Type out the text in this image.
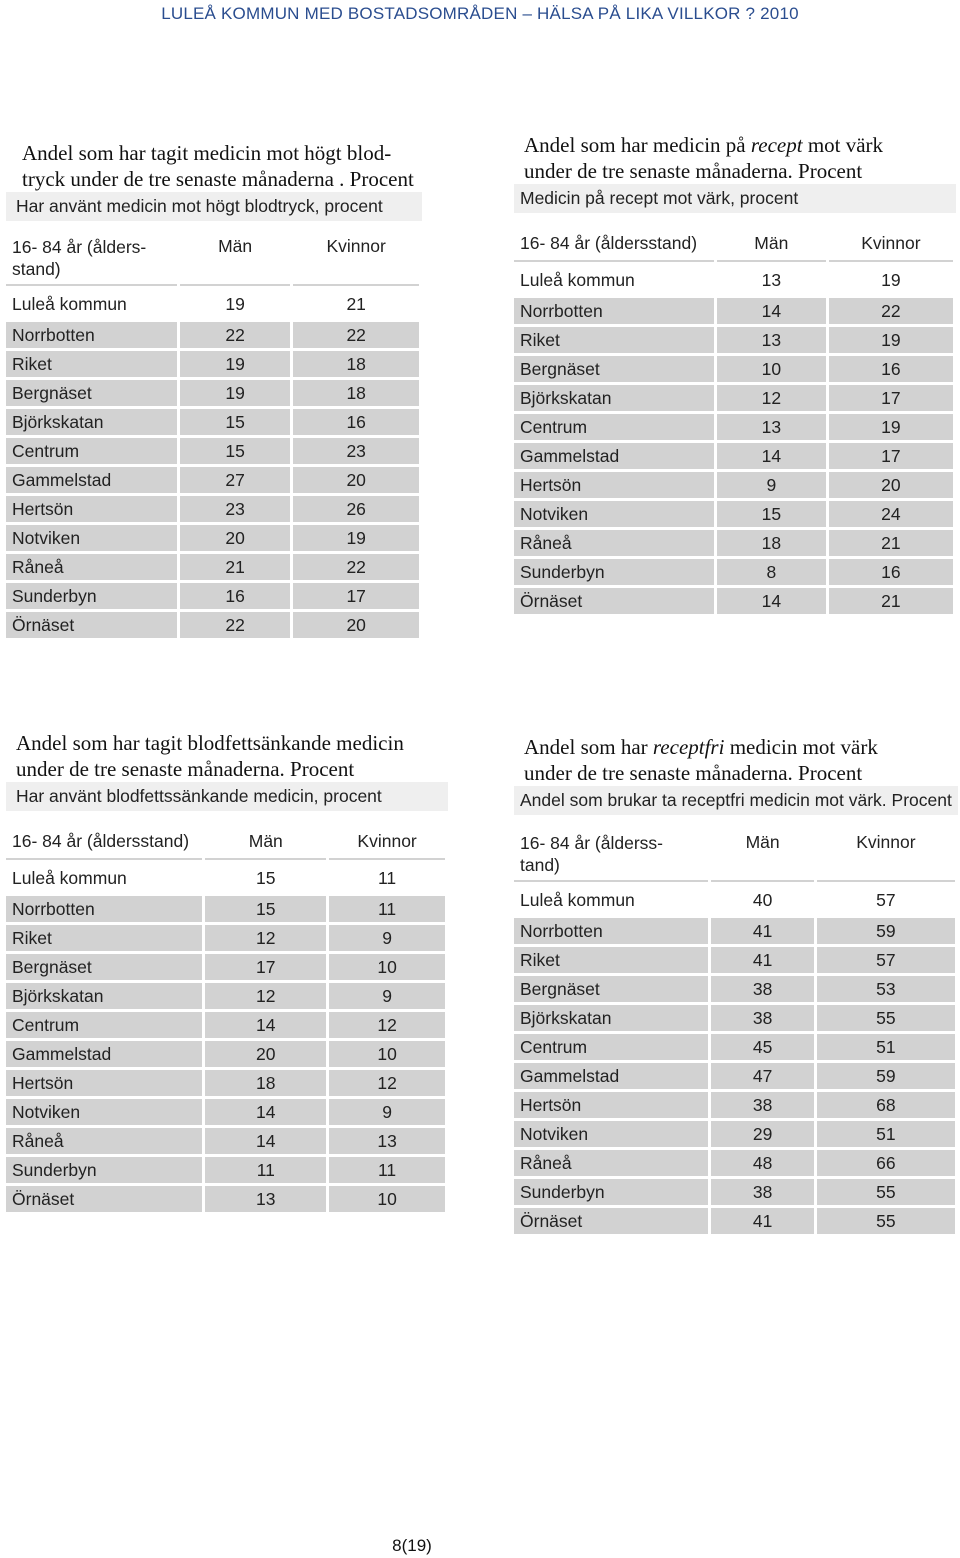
LULEÅ KOMMUN MED BOSTADSOMRÅDEN – HÄLSA PÅ LIKA VILLKOR ? 2010
Andel som har tagit medicin mot högt blod-
tryck under de tre senaste månaderna . Procent
Har använt medicin mot högt blodtryck, procent
16- 84 år (ålders-stand)	Män	Kvinnor
Luleå kommun	19	21
Norrbotten	22	22
Riket	19	18
Bergnäset	19	18
Björkskatan	15	16
Centrum	15	23
Gammelstad	27	20
Hertsön	23	26
Notviken	20	19
Råneå	21	22
Sunderbyn	16	17
Örnäset	22	20
Andel som har medicin på recept mot värk
under de tre senaste månaderna. Procent
Medicin på recept mot värk, procent
16- 84 år (åldersstand)	Män	Kvinnor
Luleå kommun	13	19
Norrbotten	14	22
Riket	13	19
Bergnäset	10	16
Björkskatan	12	17
Centrum	13	19
Gammelstad	14	17
Hertsön	9	20
Notviken	15	24
Råneå	18	21
Sunderbyn	8	16
Örnäset	14	21
Andel som har tagit blodfettsänkande medicin
under de tre senaste månaderna. Procent
Har använt blodfettssänkande medicin, procent
16- 84 år (åldersstand)	Män	Kvinnor
Luleå kommun	15	11
Norrbotten	15	11
Riket	12	9
Bergnäset	17	10
Björkskatan	12	9
Centrum	14	12
Gammelstad	20	10
Hertsön	18	12
Notviken	14	9
Råneå	14	13
Sunderbyn	11	11
Örnäset	13	10
Andel som har receptfri medicin mot värk
under de tre senaste månaderna. Procent
Andel som brukar ta receptfri medicin mot värk. Procent
16- 84 år (ålderss-tand)	Män	Kvinnor
Luleå kommun	40	57
Norrbotten	41	59
Riket	41	57
Bergnäset	38	53
Björkskatan	38	55
Centrum	45	51
Gammelstad	47	59
Hertsön	38	68
Notviken	29	51
Råneå	48	66
Sunderbyn	38	55
Örnäset	41	55
8(19)
